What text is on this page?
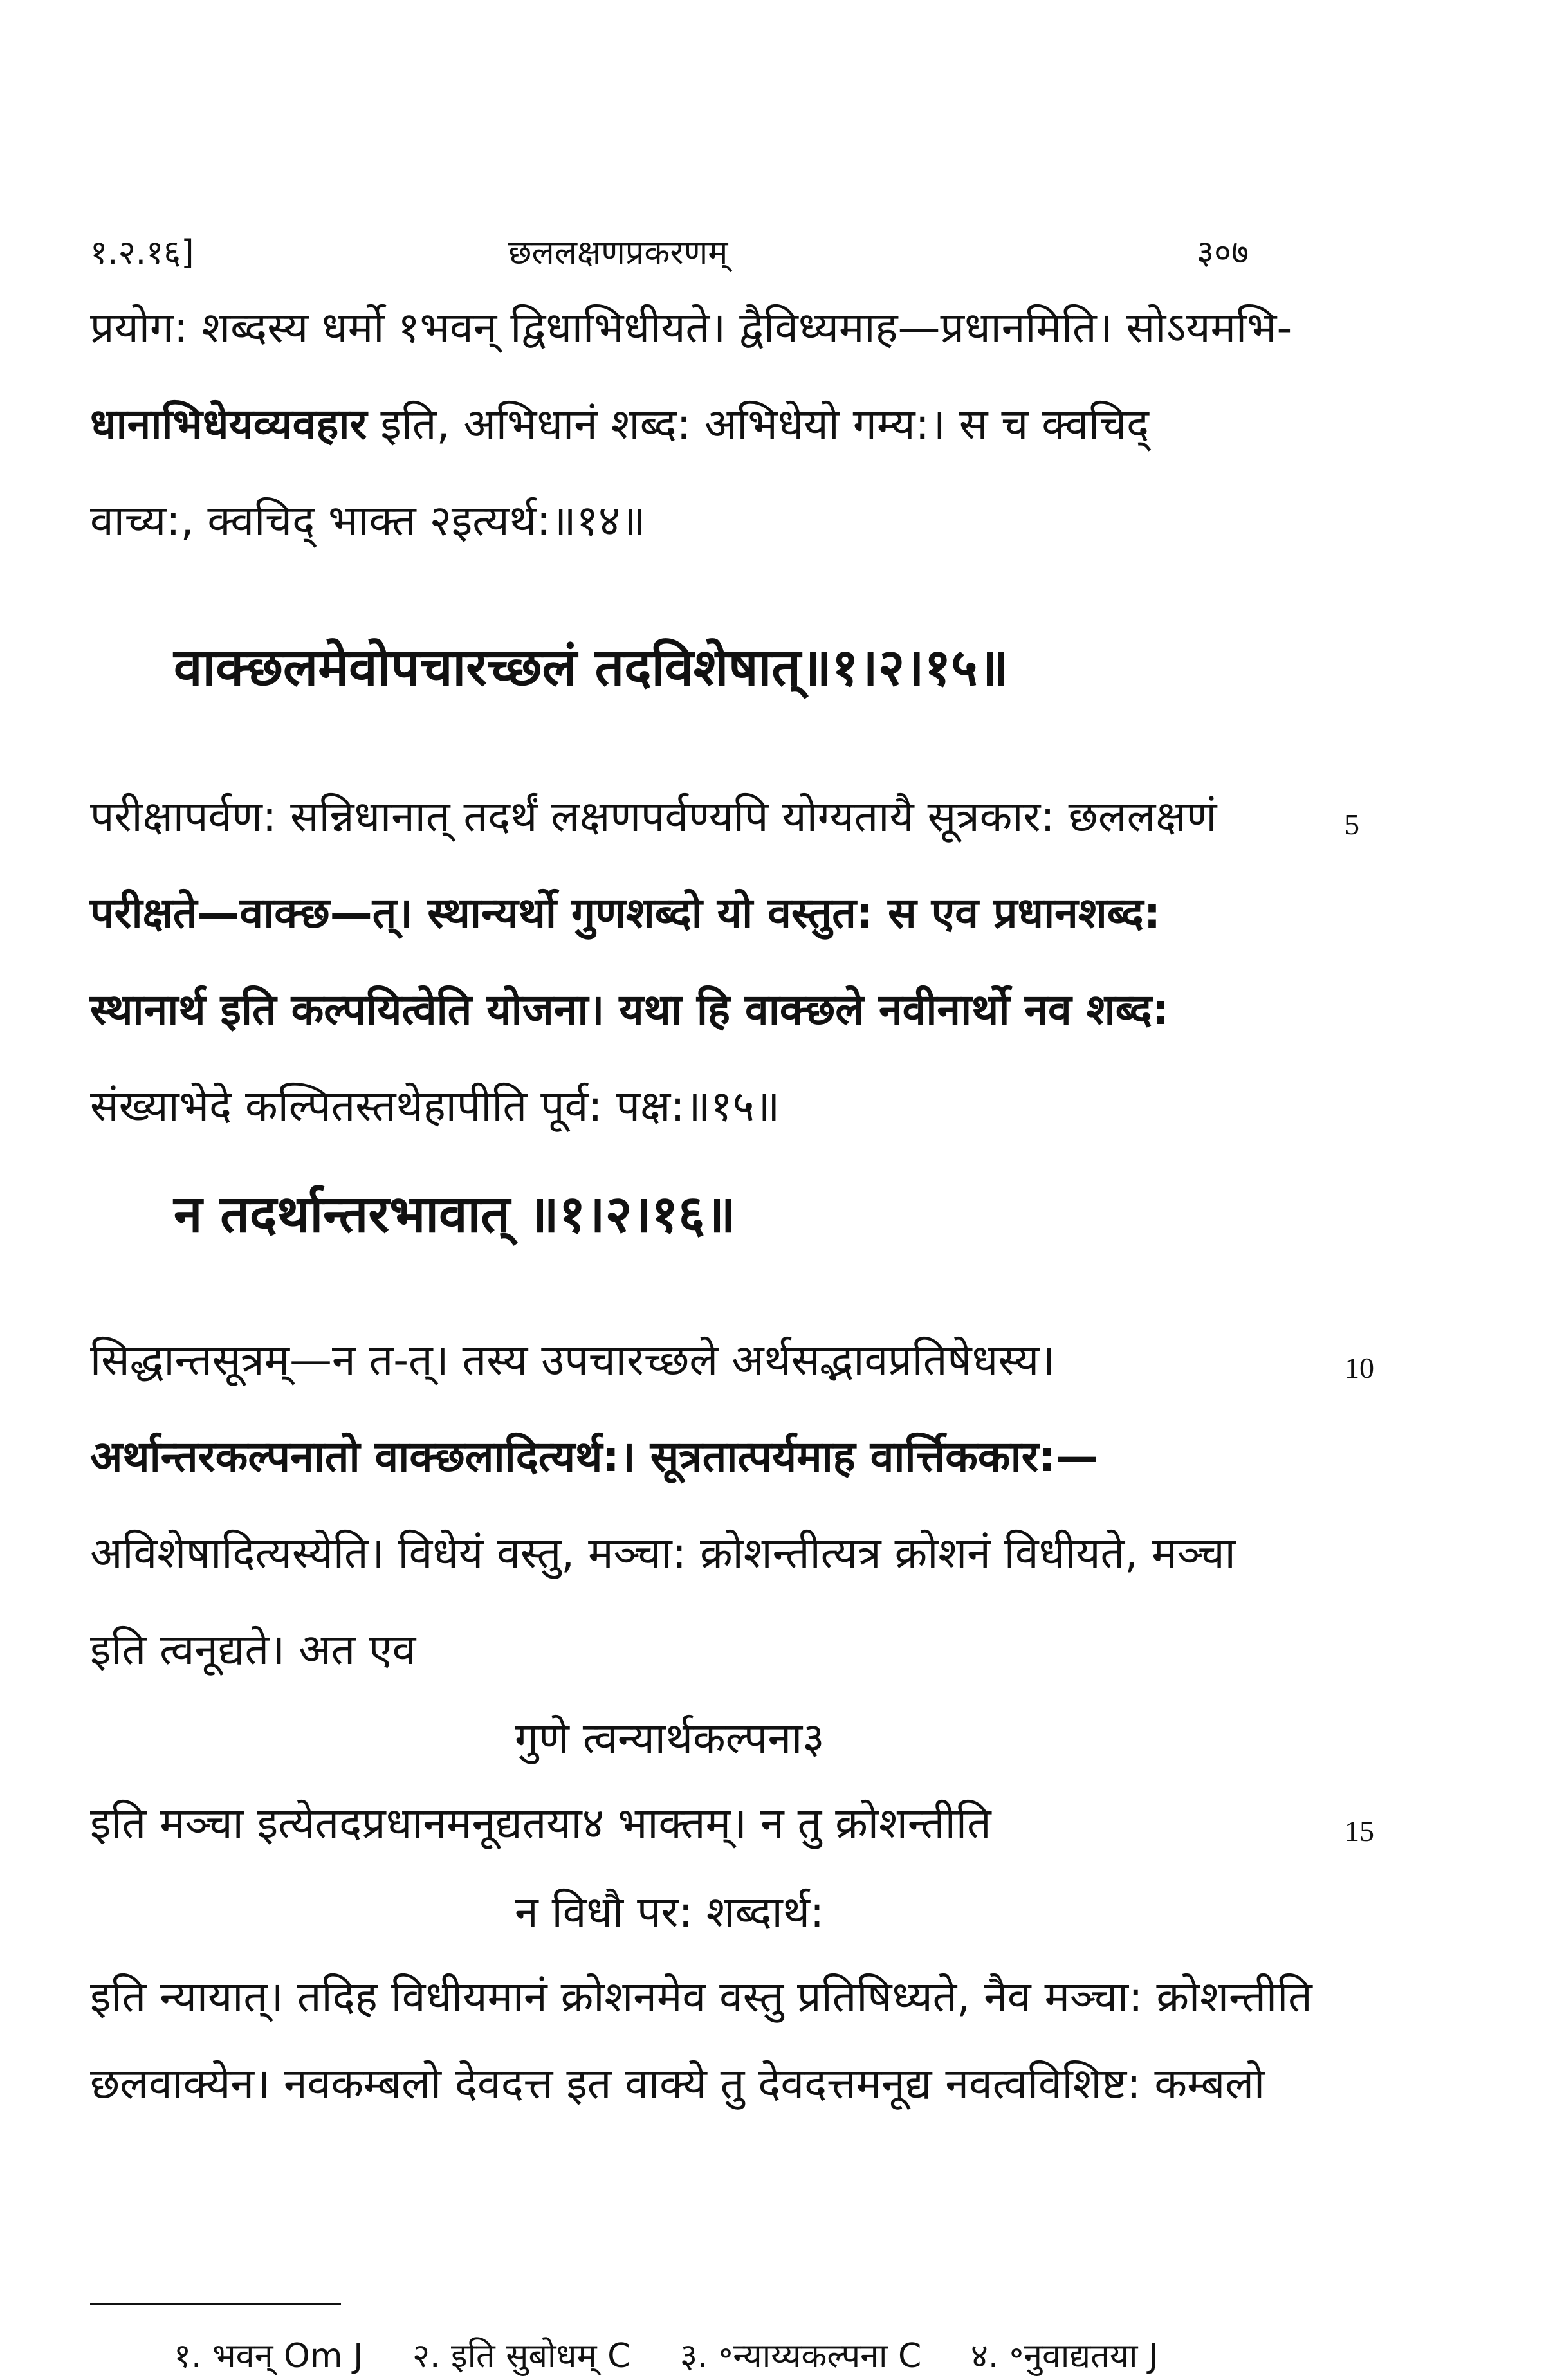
१.२.१६]	छललक्षणप्रकरणम्	३०७
प्रयोग: शब्दस्य धर्मो १भवन् द्विधाभिधीयते। द्वैविध्यमाह—प्रधानमिति। सोऽयमभि-
धानाभिधेयव्यवहार इति, अभिधानं शब्द: अभिधेयो गम्य:। स च क्वचिद्
वाच्य:, क्वचिद् भाक्त २इत्यर्थ:॥१४॥
वाक्छलमेवोपचारच्छलं तदविशेषात्॥१।२।१५॥
परीक्षापर्वण: सन्निधानात् तदर्थं लक्षणपर्वण्यपि योग्यतायै सूत्रकार: छललक्षणं	5
परीक्षते—वाक्छ—त्। स्थान्यर्थो गुणशब्दो यो वस्तुत: स एव प्रधानशब्द:
स्थानार्थ इति कल्पयित्वेति योजना। यथा हि वाक्छले नवीनार्थो नव शब्द:
संख्याभेदे कल्पितस्तथेहापीति पूर्व: पक्ष:॥१५॥
न तदर्थान्तरभावात् ॥१।२।१६॥
सिद्धान्तसूत्रम्—न त-त्। तस्य उपचारच्छले अर्थसद्भावप्रतिषेधस्य।	10
अर्थान्तरकल्पनातो वाक्छलादित्यर्थ:। सूत्रतात्पर्यमाह वार्त्तिककार:—
अविशेषादित्यस्येति। विधेयं वस्तु, मञ्चा: क्रोशन्तीत्यत्र क्रोशनं विधीयते, मञ्चा
इति त्वनूद्यते। अत एव
गुणे त्वन्यार्थकल्पना३
इति मञ्चा इत्येतदप्रधानमनूद्यतया४ भाक्तम्। न तु क्रोशन्तीति	15
न विधौ पर: शब्दार्थ:
इति न्यायात्। तदिह विधीयमानं क्रोशनमेव वस्तु प्रतिषिध्यते, नैव मञ्चा: क्रोशन्तीति
छलवाक्येन। नवकम्बलो देवदत्त इत वाक्ये तु देवदत्तमनूद्य नवत्वविशिष्ट: कम्बलो
१. भवन् Om J २. इति सुबोधम् C ३. ॰न्याय्यकल्पना C ४. ॰नुवाद्यतया J
